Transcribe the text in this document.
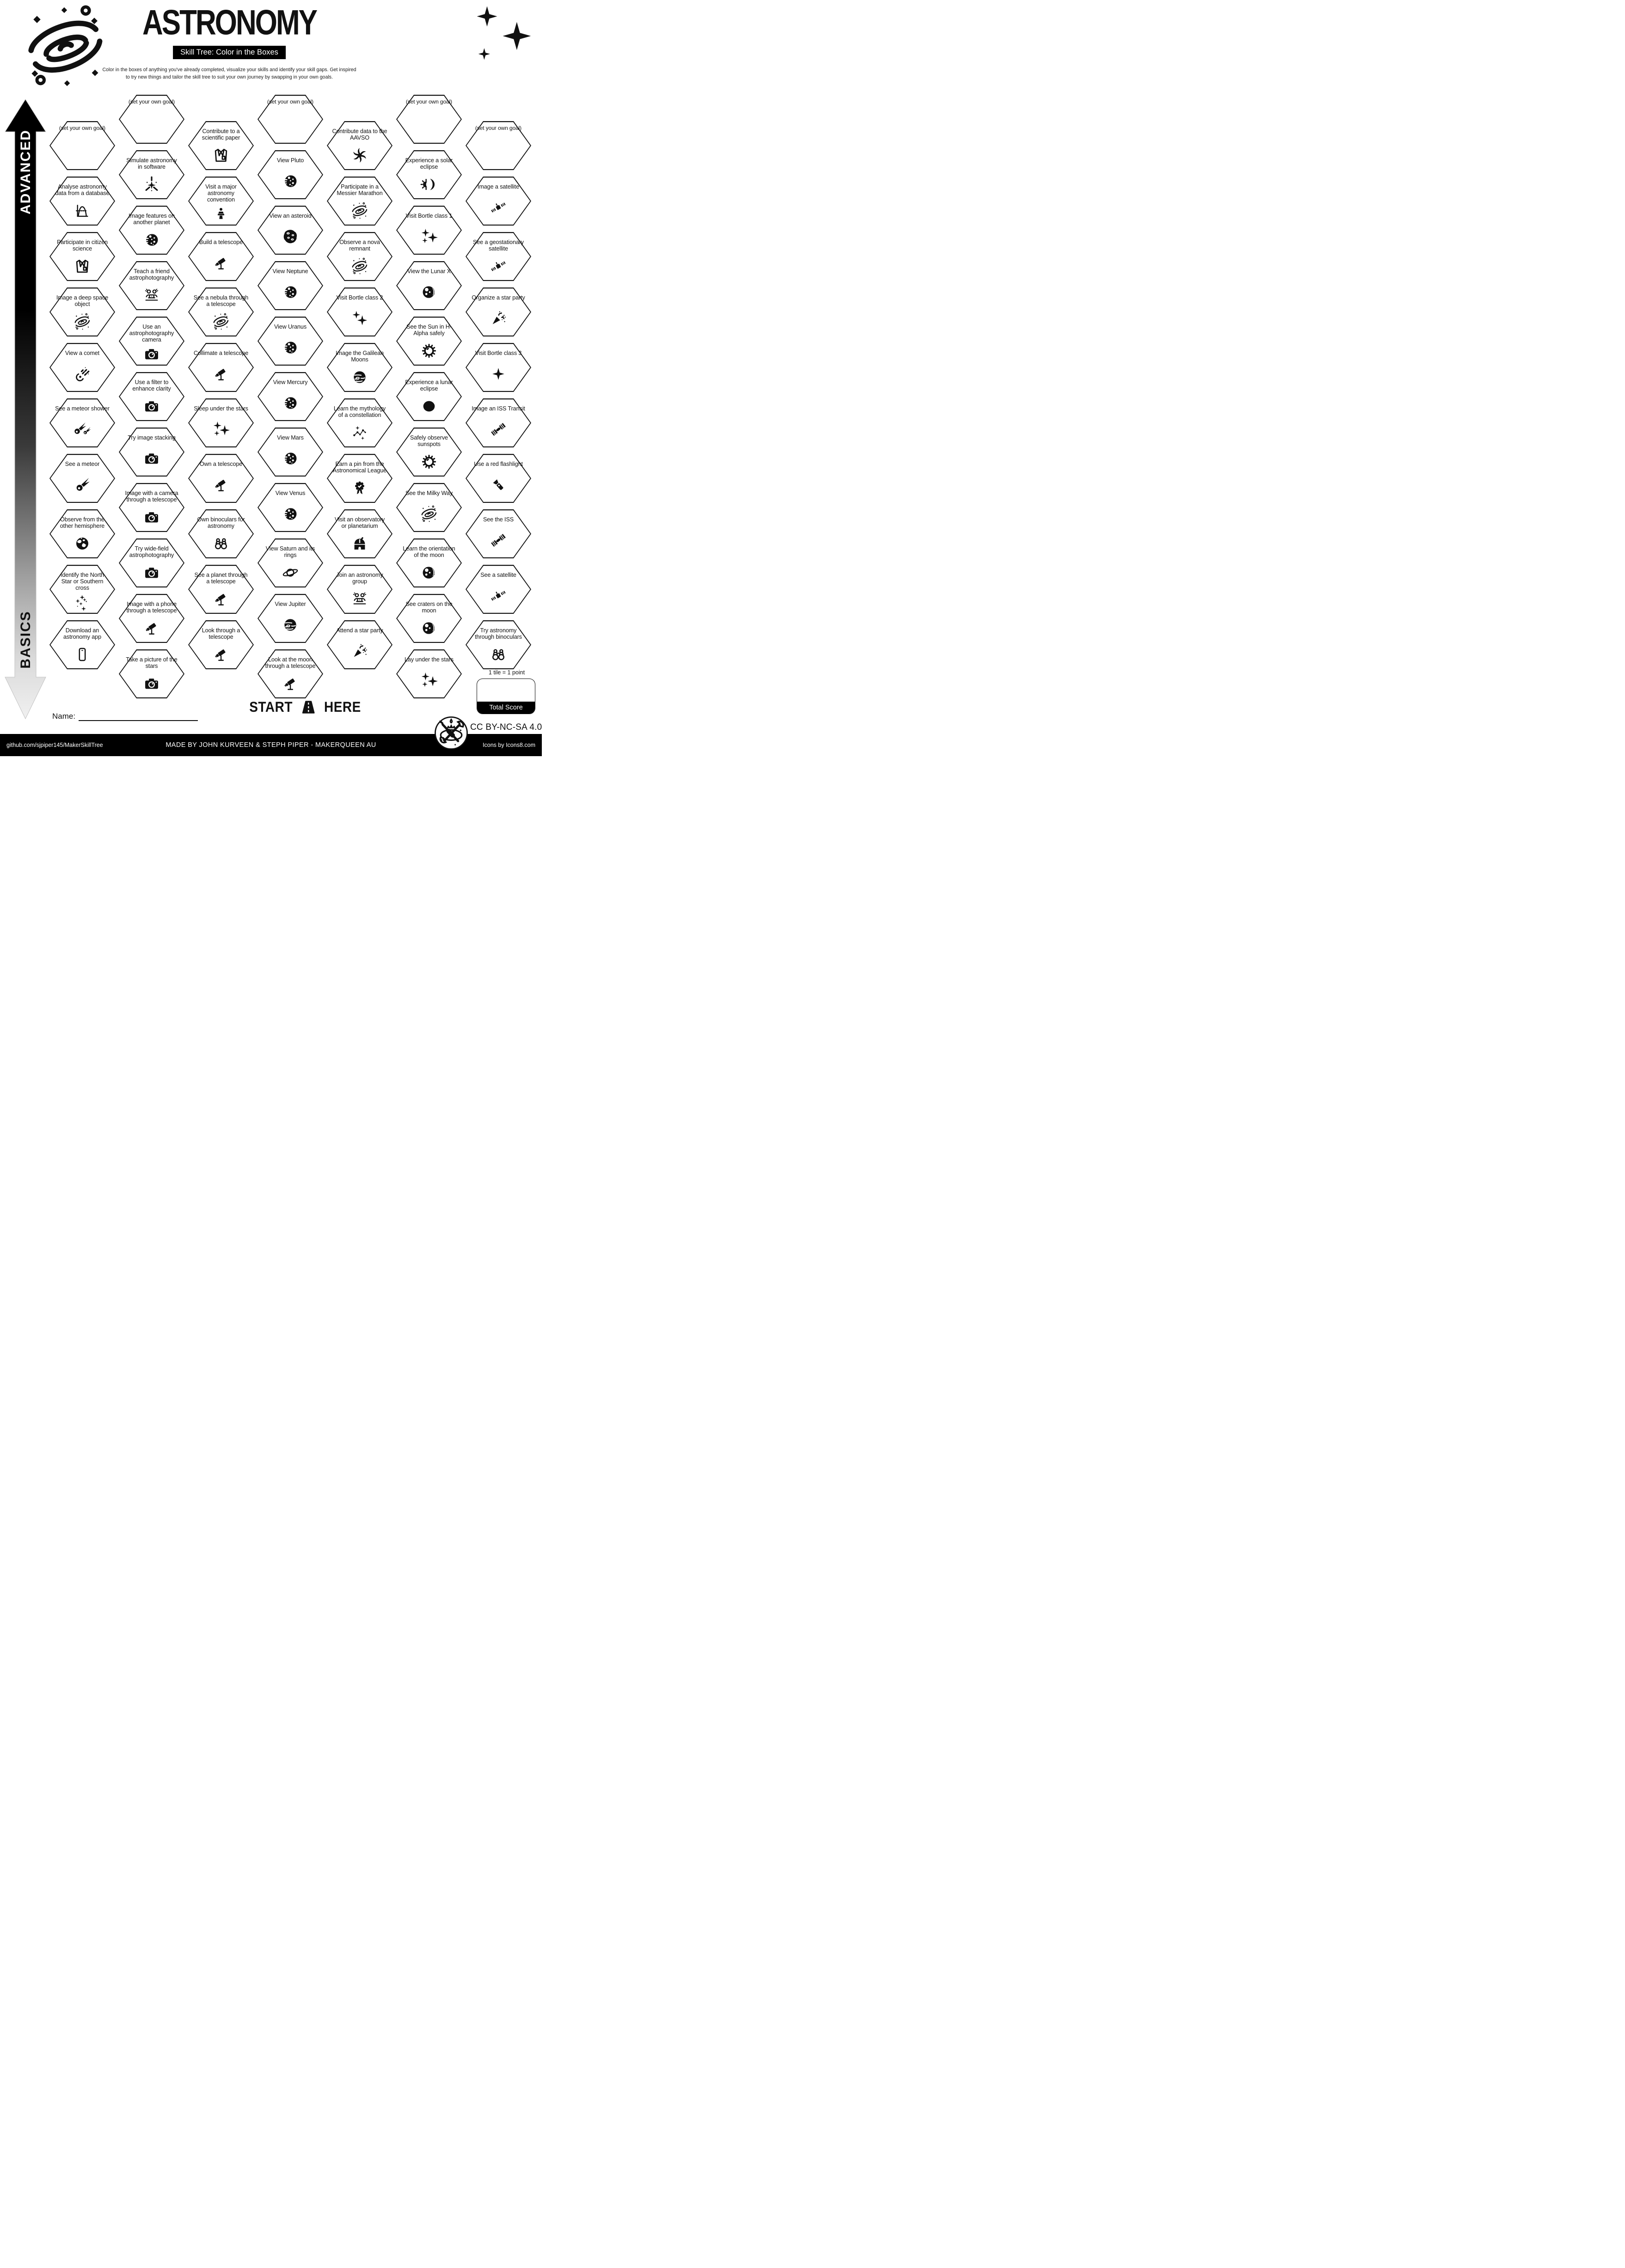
ASTRONOMY
Skill Tree: Color in the Boxes
Color in the boxes of anything you've already completed, visualize your skills and identify your skill gaps. Get inspired
to try new things and tailor the skill tree to suit your own journey by swapping in your own goals.
ADVANCED
BASICS
(set your own goal)
Analyse astronomy data from a database
Participate in citizen science
Image a deep space object
View a comet
See a meteor shower
See a meteor
Observe from the other hemisphere
Identify the North Star or Southern cross
Download an astronomy app
(set your own goal)
Simulate astronomy in software
Image features on another planet
Teach a friend astrophotography
Use an astrophotography camera
Use a filter to enhance clarity
Try image stacking
Image with a camera through a telescope
Try wide-field astrophotography
Image with a phone through a telescope
Take a picture of the stars
Contribute to a scientific paper
Visit a major astronomy convention
Build a telescope
See a nebula through a telescope
Collimate a telescope
Sleep under the stars
Own a telescope
Own binoculars for astronomy
See a planet through a telescope
Look through a telescope
(set your own goal)
View Pluto
View an asteroid
View Neptune
View Uranus
View Mercury
View Mars
View Venus
View Saturn and its rings
View Jupiter
Look at the moon through a telescope
Contribute data to the AAVSO
Participate in a Messier Marathon
Observe a nova remnant
Visit Bortle class 2
Image the Galilean Moons
Learn the mythology of a constellation
Earn a pin from the Astronomical League
Visit an observatory or planetarium
Join an astronomy group
Attend a star party
(set your own goal)
Experience a solar eclipse
Visit Bortle class 1
View the Lunar X
See the Sun in H-Alpha safely
Experience a lunar eclipse
Safely observe sunspots
See the Milky Way
Learn the orientation of the moon
See craters on the moon
Lay under the stars
(set your own goal)
Image a satellite
See a geostationary satellite
Organize a star party
Visit Bortle class 3
Image an ISS Transit
Use a red flashlight
See the ISS
See a satellite
Try astronomy through binoculars
START HERE
Name:
1 tile = 1 point
Total Score
CC BY-NC-SA 4.0
github.com/sjpiper145/MakerSkillTree	MADE BY JOHN KURVEEN & STEPH PIPER - MAKERQUEEN AU	Icons by Icons8.com
